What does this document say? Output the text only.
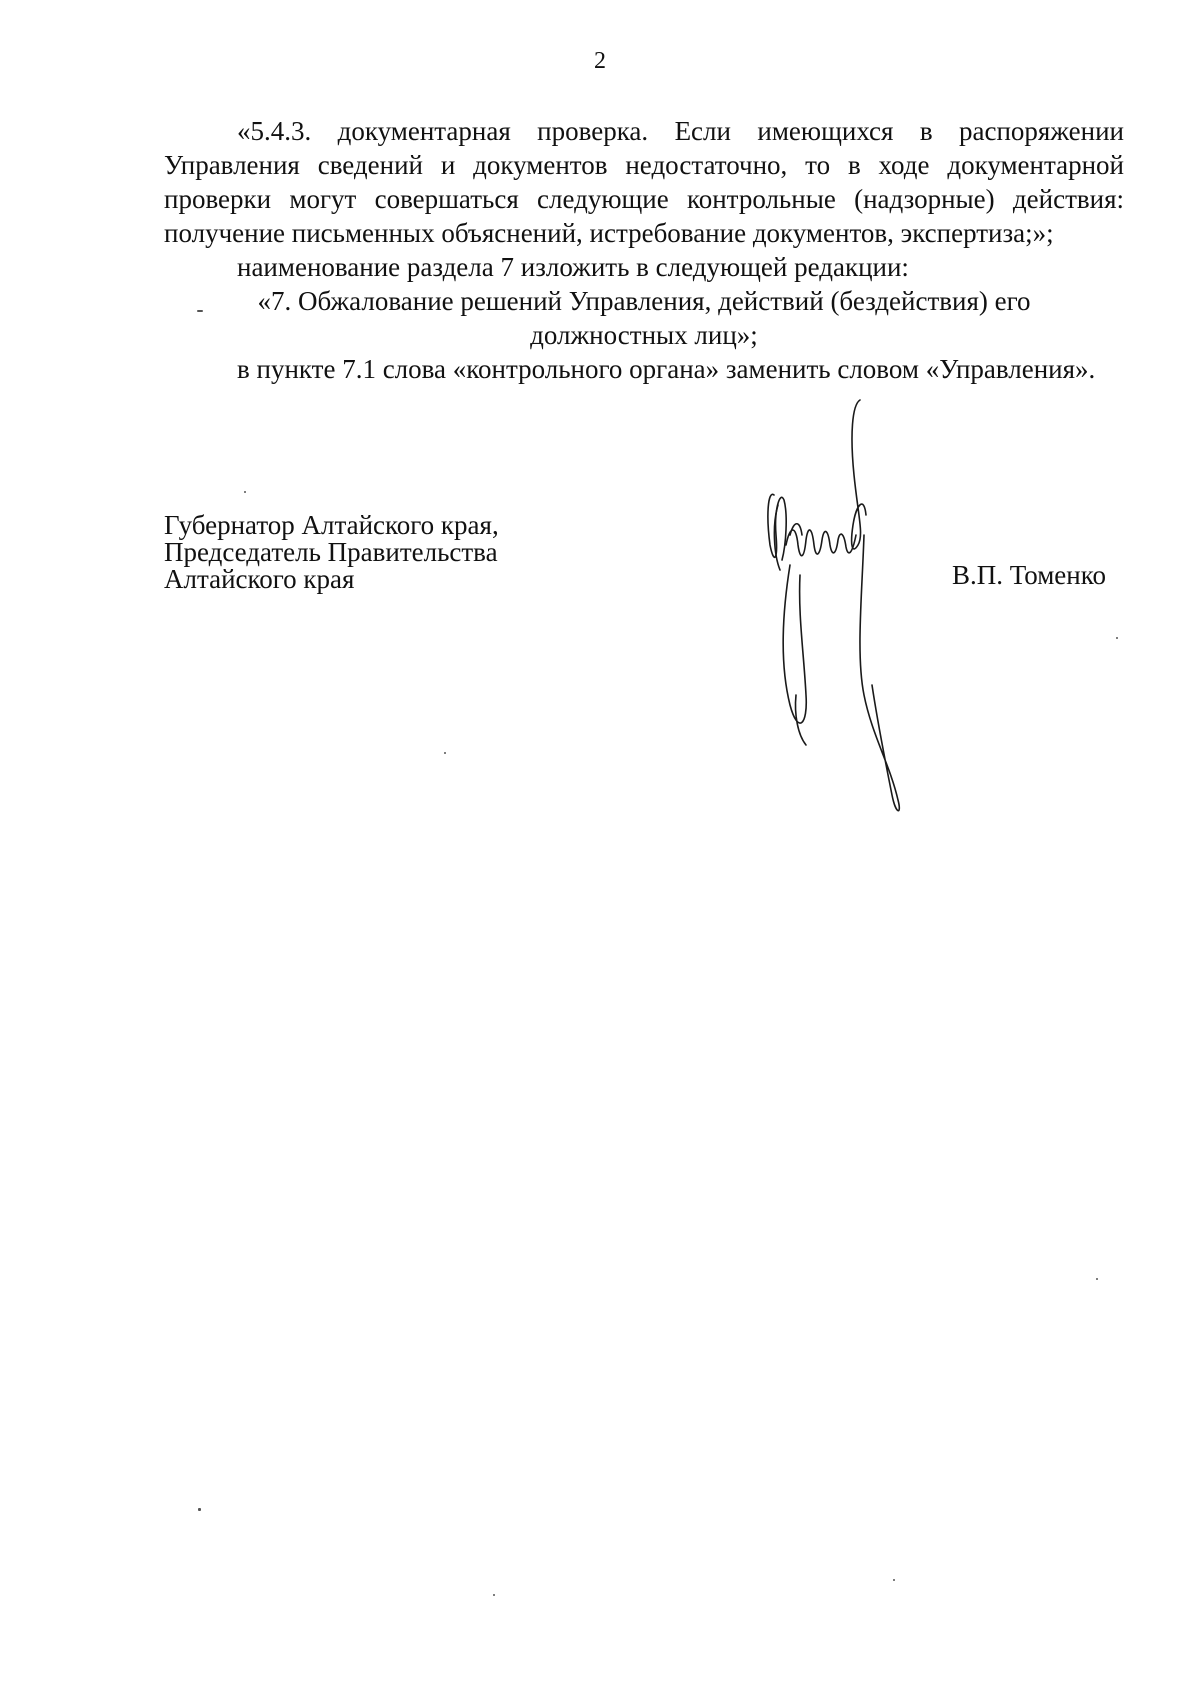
2

«5.4.3. документарная проверка. Если имеющихся в распоряжении Управления сведений и документов недостаточно, то в ходе документарной проверки могут совершаться следующие контрольные (надзорные) действия: получение письменных объяснений, истребование документов, экспертиза;»;

наименование раздела 7 изложить в следующей редакции:

«7. Обжалование решений Управления, действий (бездействия) его

должностных лиц»;

в пункте 7.1 слова «контрольного органа» заменить словом «Управления».

Губернатор Алтайского края,
Председатель Правительства
Алтайского края	В.П. Томенко
